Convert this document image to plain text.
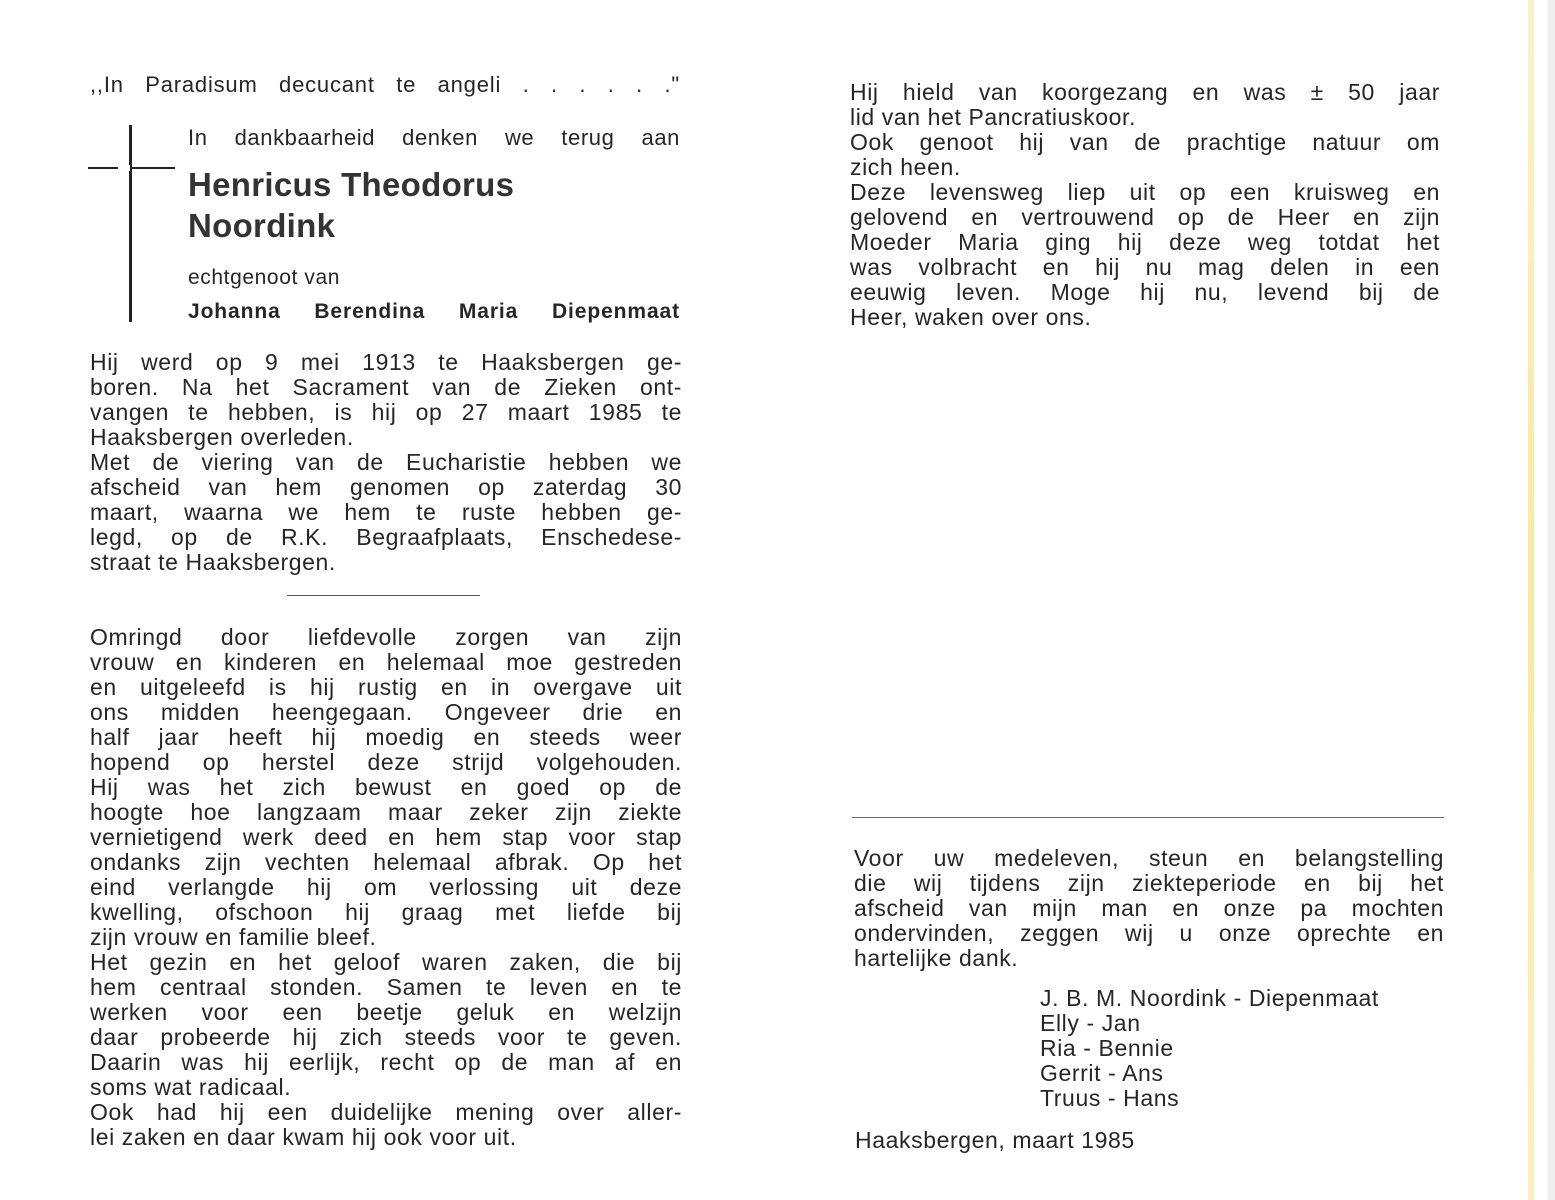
,,In Paradisum decucant te angeli . . . . . ."
In dankbaarheid denken we terug aan
Henricus Theodorus
Noordink
echtgenoot van
Johanna Berendina Maria Diepenmaat
Hij werd op 9 mei 1913 te Haaksbergen ge-
boren. Na het Sacrament van de Zieken ont-
vangen te hebben, is hij op 27 maart 1985 te
Haaksbergen overleden.
Met de viering van de Eucharistie hebben we
afscheid van hem genomen op zaterdag 30
maart, waarna we hem te ruste hebben ge-
legd, op de R.K. Begraafplaats, Enschedese-
straat te Haaksbergen.
Omringd door liefdevolle zorgen van zijn
vrouw en kinderen en helemaal moe gestreden
en uitgeleefd is hij rustig en in overgave uit
ons midden heengegaan. Ongeveer drie en
half jaar heeft hij moedig en steeds weer
hopend op herstel deze strijd volgehouden.
Hij was het zich bewust en goed op de
hoogte hoe langzaam maar zeker zijn ziekte
vernietigend werk deed en hem stap voor stap
ondanks zijn vechten helemaal afbrak. Op het
eind verlangde hij om verlossing uit deze
kwelling, ofschoon hij graag met liefde bij
zijn vrouw en familie bleef.
Het gezin en het geloof waren zaken, die bij
hem centraal stonden. Samen te leven en te
werken voor een beetje geluk en welzijn
daar probeerde hij zich steeds voor te geven.
Daarin was hij eerlijk, recht op de man af en
soms wat radicaal.
Ook had hij een duidelijke mening over aller-
lei zaken en daar kwam hij ook voor uit.
Hij hield van koorgezang en was ± 50 jaar
lid van het Pancratiuskoor.
Ook genoot hij van de prachtige natuur om
zich heen.
Deze levensweg liep uit op een kruisweg en
gelovend en vertrouwend op de Heer en zijn
Moeder Maria ging hij deze weg totdat het
was volbracht en hij nu mag delen in een
eeuwig leven. Moge hij nu, levend bij de
Heer, waken over ons.
Voor uw medeleven, steun en belangstelling
die wij tijdens zijn ziekteperiode en bij het
afscheid van mijn man en onze pa mochten
ondervinden, zeggen wij u onze oprechte en
hartelijke dank.
J. B. M. Noordink - Diepenmaat
Elly - Jan
Ria - Bennie
Gerrit - Ans
Truus - Hans
Haaksbergen, maart 1985
